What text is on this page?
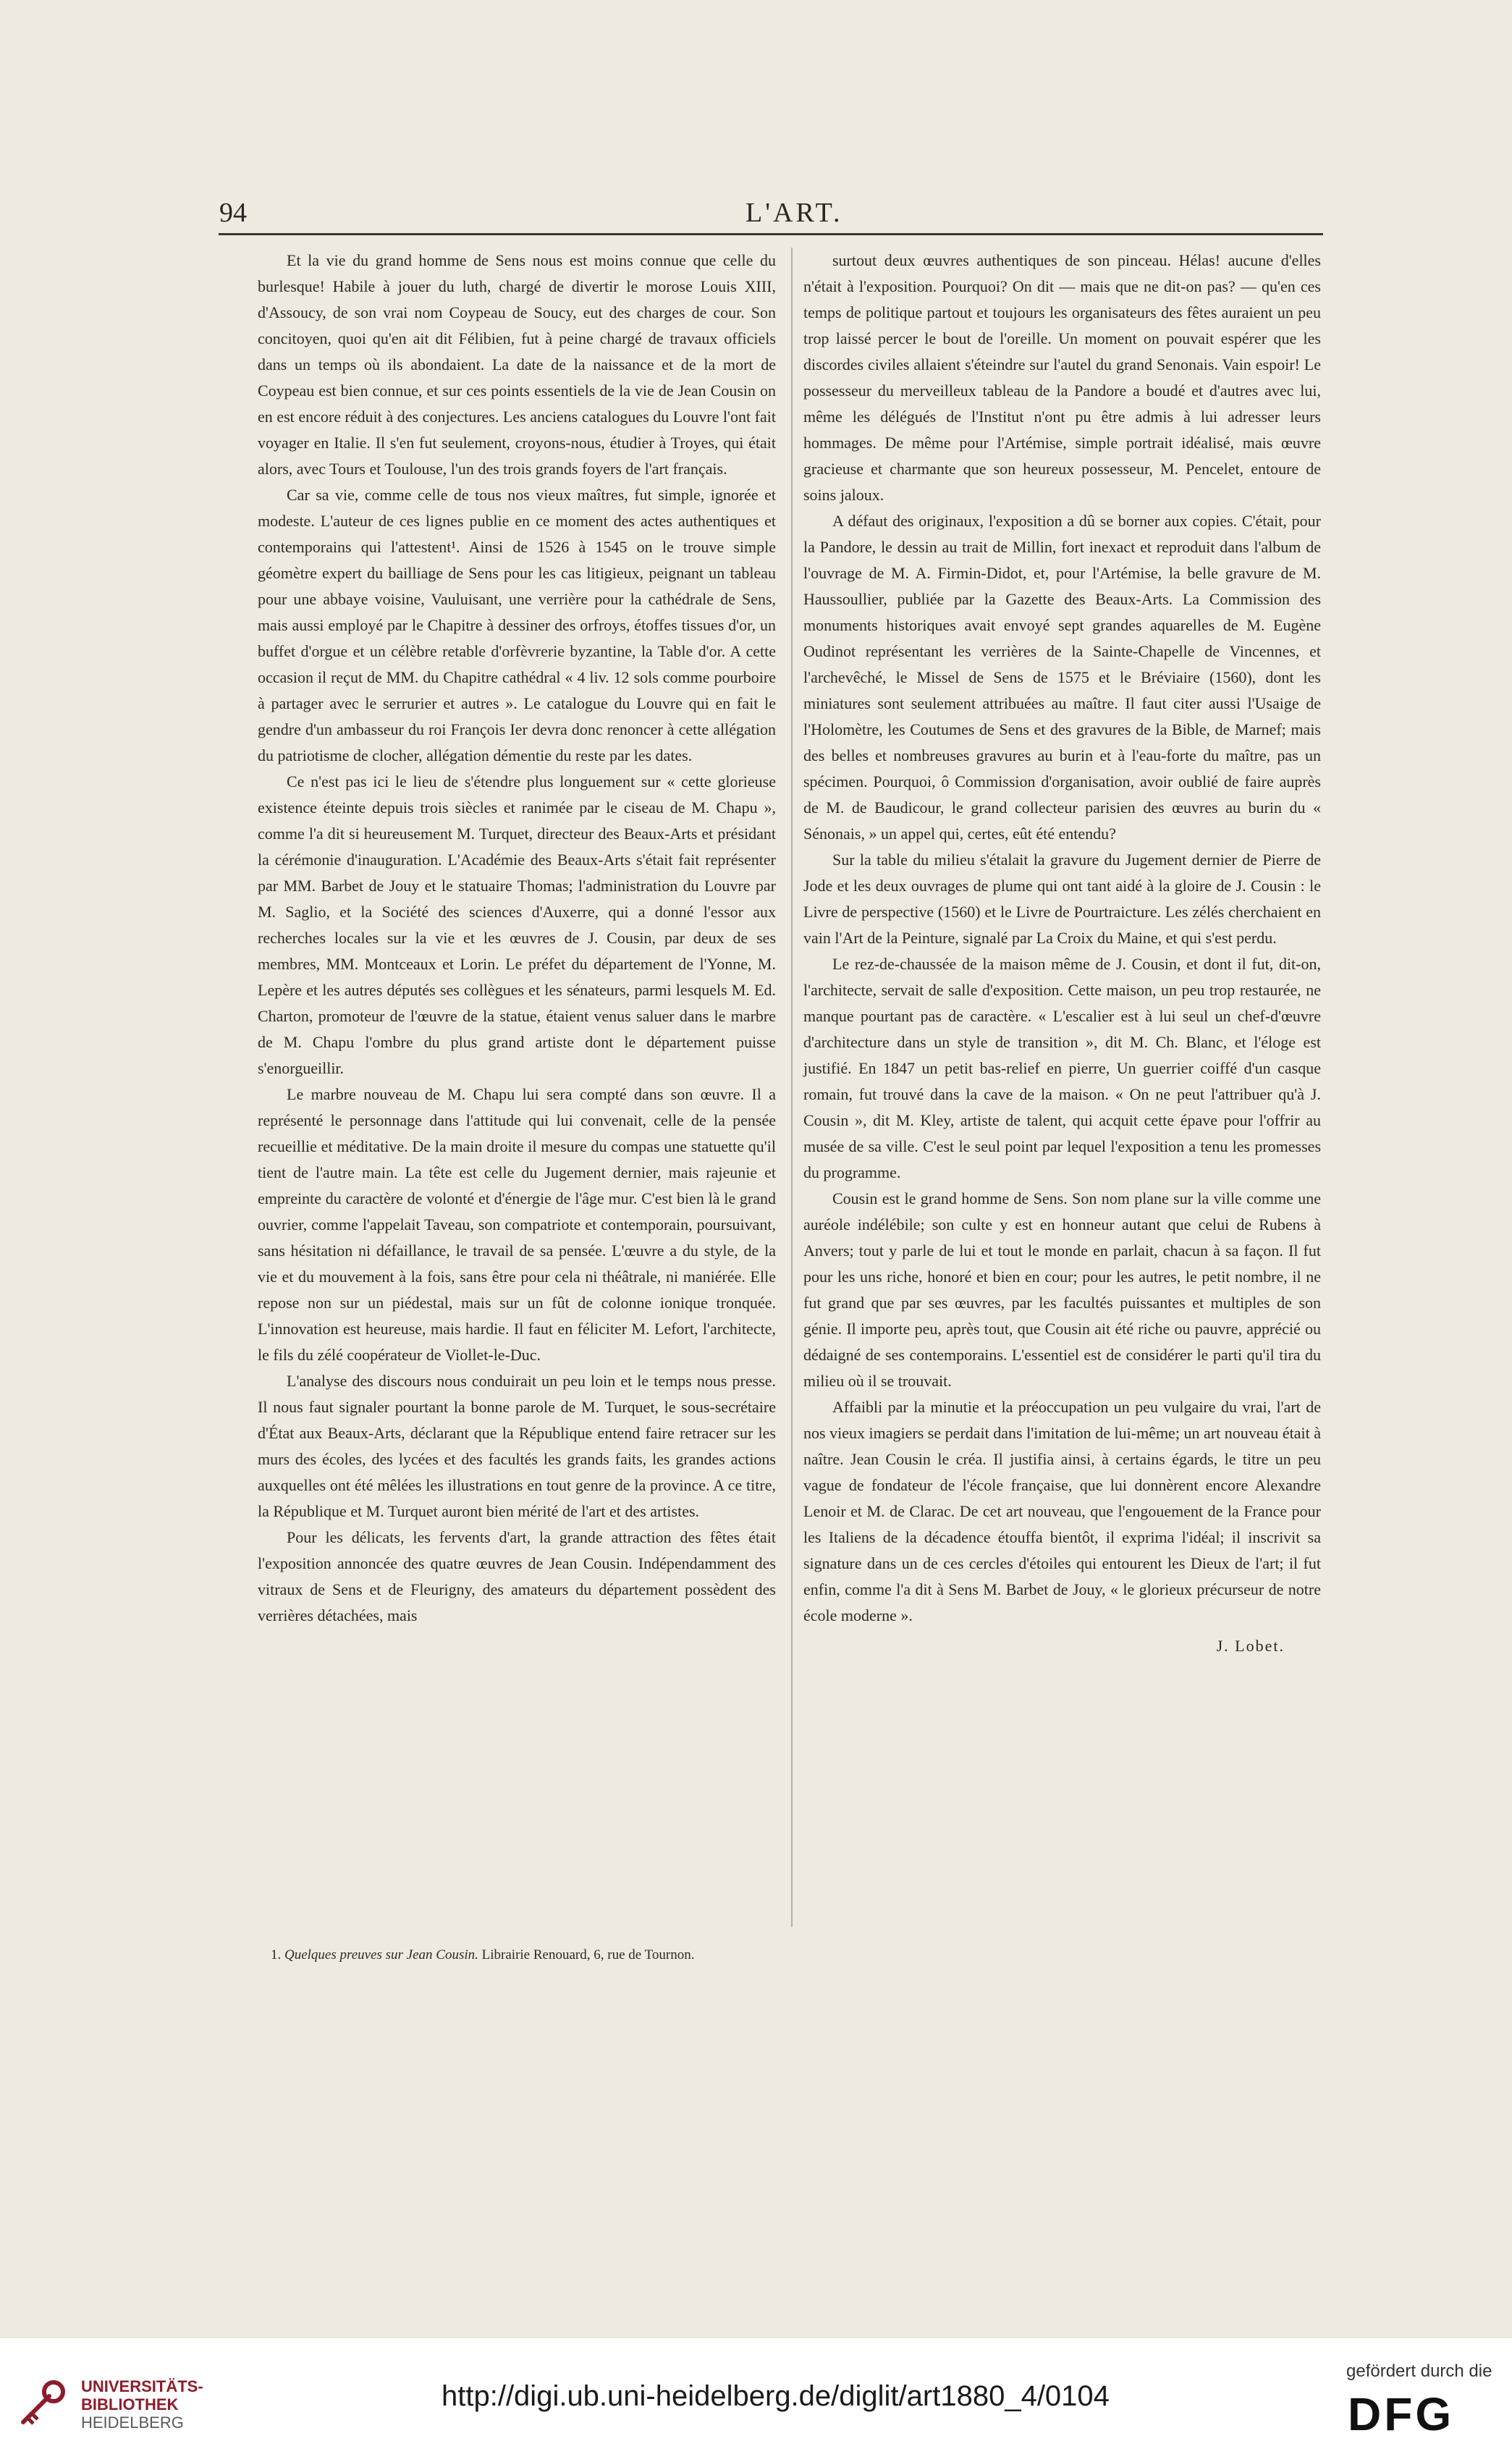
94	L'ART.

Et la vie du grand homme de Sens nous est moins connue que celle du burlesque! Habile à jouer du luth, chargé de divertir le morose Louis XIII, d'Assoucy, de son vrai nom Coypeau de Soucy, eut des charges de cour. Son concitoyen, quoi qu'en ait dit Félibien, fut à peine chargé de travaux officiels dans un temps où ils abondaient. La date de la naissance et de la mort de Coypeau est bien connue, et sur ces points essentiels de la vie de Jean Cousin on en est encore réduit à des conjectures. Les anciens catalogues du Louvre l'ont fait voyager en Italie. Il s'en fut seulement, croyons-nous, étudier à Troyes, qui était alors, avec Tours et Toulouse, l'un des trois grands foyers de l'art français.

Car sa vie, comme celle de tous nos vieux maîtres, fut simple, ignorée et modeste. L'auteur de ces lignes publie en ce moment des actes authentiques et contemporains qui l'attestent¹. Ainsi de 1526 à 1545 on le trouve simple géomètre expert du bailliage de Sens pour les cas litigieux, peignant un tableau pour une abbaye voisine, Vauluisant, une verrière pour la cathédrale de Sens, mais aussi employé par le Chapitre à dessiner des orfroys, étoffes tissues d'or, un buffet d'orgue et un célèbre retable d'orfèvrerie byzantine, la Table d'or. A cette occasion il reçut de MM. du Chapitre cathédral « 4 liv. 12 sols comme pourboire à partager avec le serrurier et autres ». Le catalogue du Louvre qui en fait le gendre d'un ambasseur du roi François Ier devra donc renoncer à cette allégation du patriotisme de clocher, allégation démentie du reste par les dates.

Ce n'est pas ici le lieu de s'étendre plus longuement sur « cette glorieuse existence éteinte depuis trois siècles et ranimée par le ciseau de M. Chapu », comme l'a dit si heureusement M. Turquet, directeur des Beaux-Arts et présidant la cérémonie d'inauguration. L'Académie des Beaux-Arts s'était fait représenter par MM. Barbet de Jouy et le statuaire Thomas; l'administration du Louvre par M. Saglio, et la Société des sciences d'Auxerre, qui a donné l'essor aux recherches locales sur la vie et les œuvres de J. Cousin, par deux de ses membres, MM. Montceaux et Lorin. Le préfet du département de l'Yonne, M. Lepère et les autres députés ses collègues et les sénateurs, parmi lesquels M. Ed. Charton, promoteur de l'œuvre de la statue, étaient venus saluer dans le marbre de M. Chapu l'ombre du plus grand artiste dont le département puisse s'enorgueillir.

Le marbre nouveau de M. Chapu lui sera compté dans son œuvre. Il a représenté le personnage dans l'attitude qui lui convenait, celle de la pensée recueillie et méditative. De la main droite il mesure du compas une statuette qu'il tient de l'autre main. La tête est celle du Jugement dernier, mais rajeunie et empreinte du caractère de volonté et d'énergie de l'âge mur. C'est bien là le grand ouvrier, comme l'appelait Taveau, son compatriote et contemporain, poursuivant, sans hésitation ni défaillance, le travail de sa pensée. L'œuvre a du style, de la vie et du mouvement à la fois, sans être pour cela ni théâtrale, ni maniérée. Elle repose non sur un piédestal, mais sur un fût de colonne ionique tronquée. L'innovation est heureuse, mais hardie. Il faut en féliciter M. Lefort, l'architecte, le fils du zélé coopérateur de Viollet-le-Duc.

L'analyse des discours nous conduirait un peu loin et le temps nous presse. Il nous faut signaler pourtant la bonne parole de M. Turquet, le sous-secrétaire d'État aux Beaux-Arts, déclarant que la République entend faire retracer sur les murs des écoles, des lycées et des facultés les grands faits, les grandes actions auxquelles ont été mêlées les illustrations en tout genre de la province. A ce titre, la République et M. Turquet auront bien mérité de l'art et des artistes.

Pour les délicats, les fervents d'art, la grande attraction des fêtes était l'exposition annoncée des quatre œuvres de Jean Cousin. Indépendamment des vitraux de Sens et de Fleurigny, des amateurs du département possèdent des verrières détachées, mais

surtout deux œuvres authentiques de son pinceau. Hélas! aucune d'elles n'était à l'exposition. Pourquoi? On dit — mais que ne dit-on pas? — qu'en ces temps de politique partout et toujours les organisateurs des fêtes auraient un peu trop laissé percer le bout de l'oreille. Un moment on pouvait espérer que les discordes civiles allaient s'éteindre sur l'autel du grand Senonais. Vain espoir! Le possesseur du merveilleux tableau de la Pandore a boudé et d'autres avec lui, même les délégués de l'Institut n'ont pu être admis à lui adresser leurs hommages. De même pour l'Artémise, simple portrait idéalisé, mais œuvre gracieuse et charmante que son heureux possesseur, M. Pencelet, entoure de soins jaloux.

A défaut des originaux, l'exposition a dû se borner aux copies. C'était, pour la Pandore, le dessin au trait de Millin, fort inexact et reproduit dans l'album de l'ouvrage de M. A. Firmin-Didot, et, pour l'Artémise, la belle gravure de M. Haussoullier, publiée par la Gazette des Beaux-Arts. La Commission des monuments historiques avait envoyé sept grandes aquarelles de M. Eugène Oudinot représentant les verrières de la Sainte-Chapelle de Vincennes, et l'archevêché, le Missel de Sens de 1575 et le Bréviaire (1560), dont les miniatures sont seulement attribuées au maître. Il faut citer aussi l'Usaige de l'Holomètre, les Coutumes de Sens et des gravures de la Bible, de Marnef; mais des belles et nombreuses gravures au burin et à l'eau-forte du maître, pas un spécimen. Pourquoi, ô Commission d'organisation, avoir oublié de faire auprès de M. de Baudicour, le grand collecteur parisien des œuvres au burin du « Sénonais, » un appel qui, certes, eût été entendu?

Sur la table du milieu s'étalait la gravure du Jugement dernier de Pierre de Jode et les deux ouvrages de plume qui ont tant aidé à la gloire de J. Cousin : le Livre de perspective (1560) et le Livre de Pourtraicture. Les zélés cherchaient en vain l'Art de la Peinture, signalé par La Croix du Maine, et qui s'est perdu.

Le rez-de-chaussée de la maison même de J. Cousin, et dont il fut, dit-on, l'architecte, servait de salle d'exposition. Cette maison, un peu trop restaurée, ne manque pourtant pas de caractère. « L'escalier est à lui seul un chef-d'œuvre d'architecture dans un style de transition », dit M. Ch. Blanc, et l'éloge est justifié. En 1847 un petit bas-relief en pierre, Un guerrier coiffé d'un casque romain, fut trouvé dans la cave de la maison. « On ne peut l'attribuer qu'à J. Cousin », dit M. Kley, artiste de talent, qui acquit cette épave pour l'offrir au musée de sa ville. C'est le seul point par lequel l'exposition a tenu les promesses du programme.

Cousin est le grand homme de Sens. Son nom plane sur la ville comme une auréole indélébile; son culte y est en honneur autant que celui de Rubens à Anvers; tout y parle de lui et tout le monde en parlait, chacun à sa façon. Il fut pour les uns riche, honoré et bien en cour; pour les autres, le petit nombre, il ne fut grand que par ses œuvres, par les facultés puissantes et multiples de son génie. Il importe peu, après tout, que Cousin ait été riche ou pauvre, apprécié ou dédaigné de ses contemporains. L'essentiel est de considérer le parti qu'il tira du milieu où il se trouvait.

Affaibli par la minutie et la préoccupation un peu vulgaire du vrai, l'art de nos vieux imagiers se perdait dans l'imitation de lui-même; un art nouveau était à naître. Jean Cousin le créa. Il justifia ainsi, à certains égards, le titre un peu vague de fondateur de l'école française, que lui donnèrent encore Alexandre Lenoir et M. de Clarac. De cet art nouveau, que l'engouement de la France pour les Italiens de la décadence étouffa bientôt, il exprima l'idéal; il inscrivit sa signature dans un de ces cercles d'étoiles qui entourent les Dieux de l'art; il fut enfin, comme l'a dit à Sens M. Barbet de Jouy, « le glorieux précurseur de notre école moderne ».

J. Lobet.
1. Quelques preuves sur Jean Cousin. Librairie Renouard, 6, rue de Tournon.
UNIVERSITÄTS-
BIBLIOTHEK
HEIDELBERG
http://digi.ub.uni-heidelberg.de/diglit/art1880_4/0104
gefördert durch die
DFG
